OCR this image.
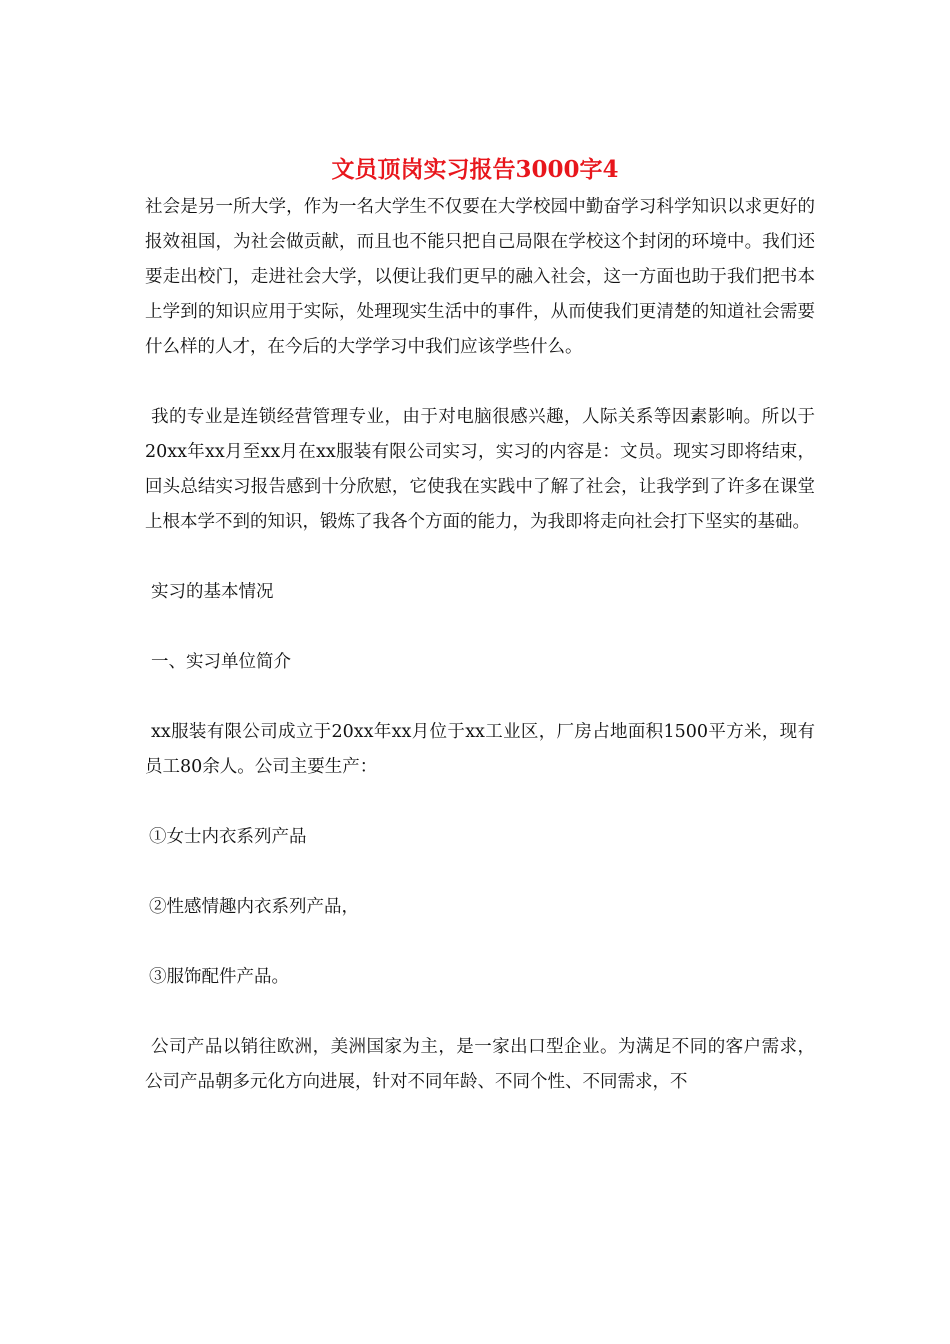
文员顶岗实习报告3000字4

社会是另一所大学，作为一名大学生不仅要在大学校园中勤奋学习科学知识以求更好的报效祖国，为社会做贡献，而且也不能只把自己局限在学校这个封闭的环境中。我们还要走出校门，走进社会大学，以便让我们更早的融入社会，这一方面也助于我们把书本上学到的知识应用于实际，处理现实生活中的事件，从而使我们更清楚的知道社会需要什么样的人才，在今后的大学学习中我们应该学些什么。

我的专业是连锁经营管理专业，由于对电脑很感兴趣，人际关系等因素影响。所以于20xx年xx月至xx月在xx服装有限公司实习，实习的内容是：文员。现实习即将结束，回头总结实习报告感到十分欣慰，它使我在实践中了解了社会，让我学到了许多在课堂上根本学不到的知识，锻炼了我各个方面的能力，为我即将走向社会打下坚实的基础。

实习的基本情况

一、实习单位简介

xx服装有限公司成立于20xx年xx月位于xx工业区，厂房占地面积1500平方米，现有员工80余人。公司主要生产：

①女士内衣系列产品

②性感情趣内衣系列产品，

③服饰配件产品。

公司产品以销往欧洲，美洲国家为主，是一家出口型企业。为满足不同的客户需求，公司产品朝多元化方向进展，针对不同年龄、不同个性、不同需求，不
